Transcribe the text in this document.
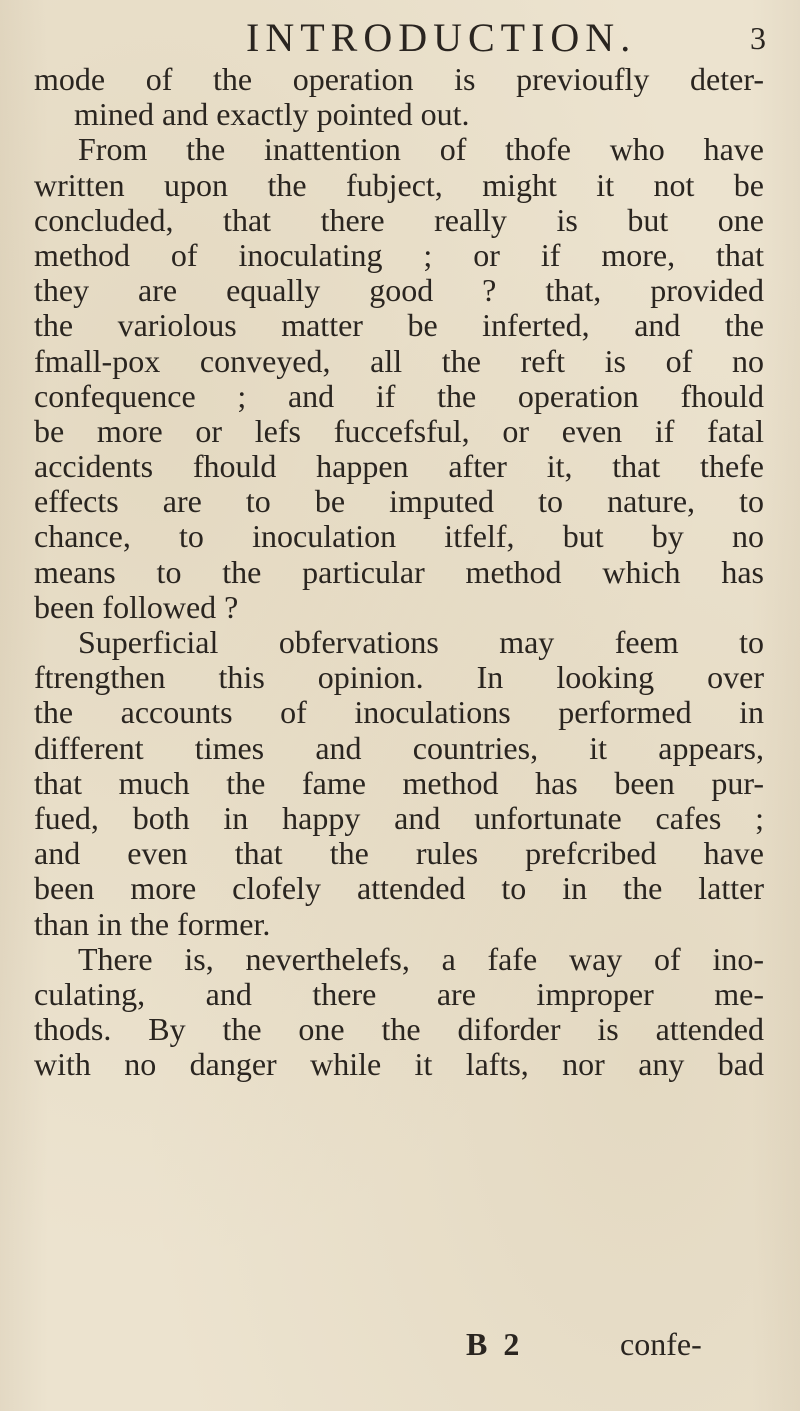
INTRODUCTION.	3
mode of the operation is previoufly deter-
mined and exactly pointed out.
From the inattention of thofe who have
written upon the fubject, might it not be
concluded, that there really is but one
method of inoculating ; or if more, that
they are equally good ? that, provided
the variolous matter be inferted, and the
fmall-pox conveyed, all the reft is of no
confequence ; and if the operation fhould
be more or lefs fuccefsful, or even if fatal
accidents fhould happen after it, that thefe
effects are to be imputed to nature, to
chance, to inoculation itfelf, but by no
means to the particular method which has
been followed ?
Superficial obfervations may feem to
ftrengthen this opinion. In looking over
the accounts of inoculations performed in
different times and countries, it appears,
that much the fame method has been pur-
fued, both in happy and unfortunate cafes ;
and even that the rules prefcribed have
been more clofely attended to in the latter
than in the former.
There is, neverthelefs, a fafe way of ino-
culating, and there are improper me-
thods. By the one the diforder is attended
with no danger while it lafts, nor any bad
B 2	confe-
